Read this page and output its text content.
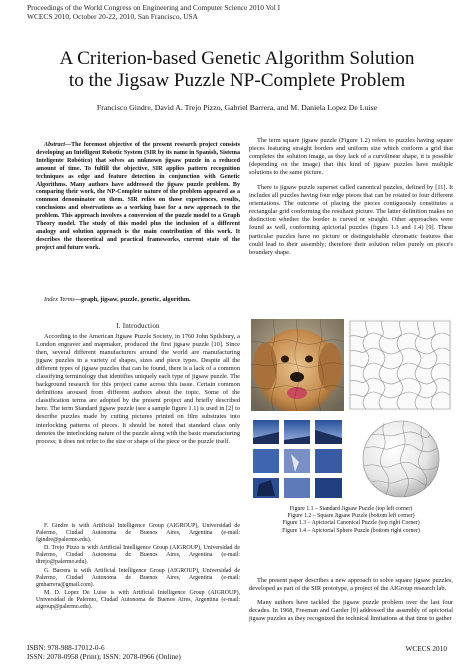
Proceedings of the World Congress on Engineering and Computer Science 2010 Vol I
WCECS 2010, October 20-22, 2010, San Francisco, USA
A Criterion-based Genetic Algorithm Solution
to the Jigsaw Puzzle NP-Complete Problem
Francisco Gindre, David A. Trejo Pizzo, Gabriel Barrera, and M. Daniela Lopez De Luise

Abstract—The foremost objective of the present research project consists developing an Intelligent Robotic System (SIR by its name in Spanish, Sistema Inteligente Robótico) that solves an unknown jigsaw puzzle in a reduced amount of time. To fulfill the objective, SIR applies pattern recognition techniques as edge and feature detection in conjunction with Genetic Algorithms. Many authors have addressed the jigsaw puzzle problem. By comparing their work, the NP-Complete nature of the problem appeared as a common denominator on them. SIR relies on those experiences, results, conclusions and observations as a working base for a new approach to the problem. This approach involves a conversion of the puzzle model to a Graph Theory model. The study of this model plus the inclusion of a different analogy and solution approach is the main contribution of this work. It describes the theoretical and practical frameworks, current state of the project and future work.

Index Terms—graph, jigsaw, puzzle, genetic, algorithm.
I. Introduction

According to the American Jigsaw Puzzle Society, in 1760 John Spilsbury, a London engraver and mapmaker, produced the first jigsaw puzzle [10]. Since then, several different manufacturers around the world are manufacturing jigsaw puzzles in a variety of shapes, sizes and piece types. Despite all the different types of jigsaw puzzles that can be found, there is a lack of a common classifying terminology that identifies uniquely each type of jigsaw puzzle. The background research for this project came across this issue. Certain common definitions aroused from different authors about the topic. Some of the classification terms are adopted by the present project and briefly described here. The term Standard jigsaw puzzle (see a sample figure 1.1) is used in [2] to describe puzzles made by cutting pictures printed on film substrates into interlocking patterns of pieces. It should be noted that standard class only denotes the interlocking nature of the puzzle along with the basic manufacturing process; it does not refer to the size or shape of the piece or the puzzle itself.

F. Gindre is with Artificial Intelligence Group (AIGROUP), Universidad de Palermo, Ciudad Autonoma de Buenos Aires, Argentina (e-mail: fgindre@palermo.edu).

D. Trejo Pizzo is with Artificial Intelligence Group (AIGROUP), Universidad de Palermo, Ciudad Autonoma de Buenos Aires, Argentina (e-mail: dtrejo@palermo.edu).

G. Barrera is with Artificial Intelligence Group (AIGROUP), Universidad de Palermo, Ciudad Autonoma de Buenos Aires, Argentina (e-mail: gmbarrera@gmail.com).

M. D. Lopez De Luise is with Artificial Intelligence Group (AIGROUP), Universidad de Palermo, Ciudad Autonoma de Buenos Aires, Argentina (e-mail: aigroup@palermo.edu).

The term square jigsaw puzzle (Figure 1.2) refers to puzzles having square pieces featuring straight borders and uniform size which conform a grid that completes the solution image, as they lack of a curvilinear shape, it is possible (depending on the image) that this kind of jigsaw puzzles have multiple solutions to the same picture.

There is jigsaw puzzle superset called canonical puzzles, defined by [11]. It includes all puzzles having four edge pieces that can be rotated to four different orientations. The outcome of placing the pieces contiguously constitutes a rectangular grid conforming the resultant picture. The latter definition makes no distinction whether the border is curved or straight. Other approaches were found as well, conforming apictorial puzzles (figure 1.3 and 1.4) [9]. These particular puzzles have no picture or distinguishable chromatic features that could lead to their assembly; therefore their solution relies purely on piece's boundary shape.

Figure 1.1 – Standard Jigsaw Puzzle (top left corner)
Figure 1.2 – Square Jigsaw Puzzle (bottom left corner)
Figure 1.3 – Apictorial Canonical Puzzle (top right Corner)
Figure 1.4 – Apictorial Sphere Puzzle (bottom right corner)

The present paper describes a new approach to solve square jigsaw puzzles, developed as part of the SIR prototype, a project of the AIGroup research lab.

Many authors have tackled the jigsaw puzzle problem over the last four decades. In 1968, Freeman and Garder [9] addressed the assembly of apictorial jigsaw puzzles as they recognized the technical limitations at that time to gather

ISBN: 978-988-17012-0-6
ISSN: 2078-0958 (Print); ISSN: 2078-0966 (Online)
WCECS 2010
